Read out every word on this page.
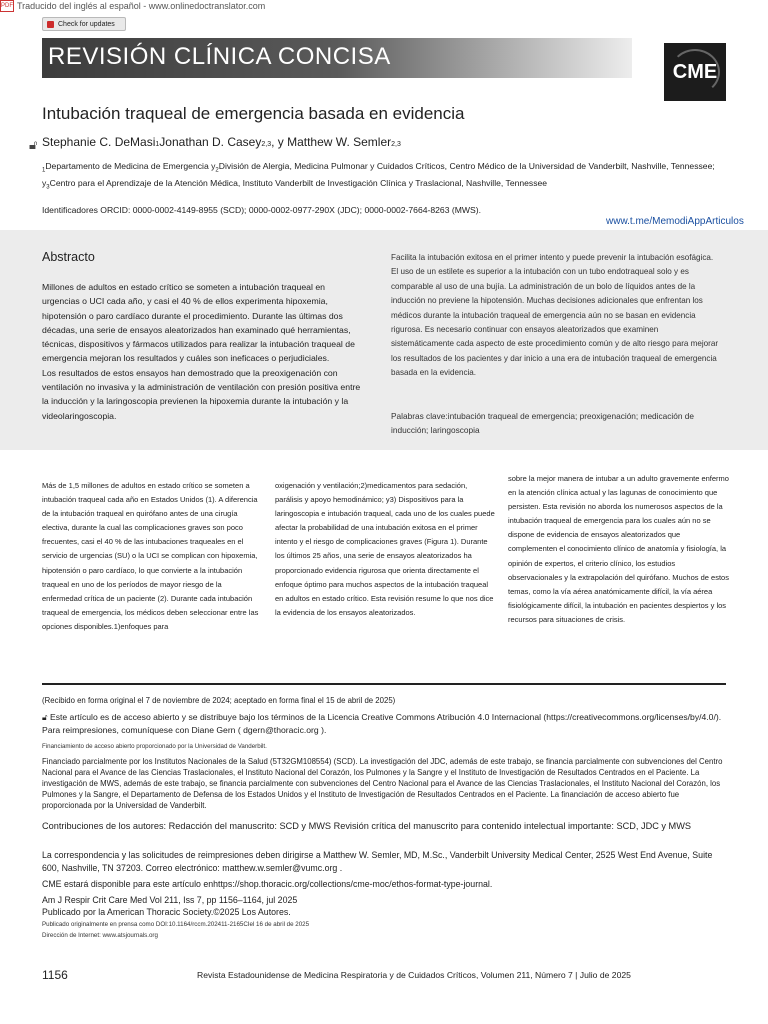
PDF Traducido del inglés al español - www.onlinedoctranslator.com
Check for updates
REVISIÓN CLÍNICA CONCISA
CME
Intubación traqueal de emergencia basada en evidencia
🔓︎ Stephanie C. DeMasi$_1$ Jonathan D. Casey$_{2,3}$ , y Matthew W. Semler$_{2,3}$
$_1$Departamento de Medicina de Emergencia $y_2División$ de Alergia, Medicina Pulmonar y Cuidados Críticos, Centro Médico de la Universidad de Vanderbilt, Nashville, Tennessee; $y_3Centro$ para el Aprendizaje de la Atención Médica, Instituto Vanderbilt de Investigación Clínica y Traslacional, Nashville, Tennessee
Identificadores ORCID: 0000-0002-4149-8955 (SCD); 0000-0002-0977-290X (JDC); 0000-0002-7664-8263 (MWS).
www.t.me/MemodiAppArticulos
Abstracto
Millones de adultos en estado crítico se someten a intubación traqueal en urgencias o UCI cada año, y casi el 40 % de ellos experimenta hipoxemia, hipotensión o paro cardíaco durante el procedimiento. Durante las últimas dos décadas, una serie de ensayos aleatorizados han examinado qué herramientas, técnicas, dispositivos y fármacos utilizados para realizar la intubación traqueal de emergencia mejoran los resultados y cuáles son ineficaces o perjudiciales.
Los resultados de estos ensayos han demostrado que la preoxigenación con ventilación no invasiva y la administración de ventilación con presión positiva entre la inducción y la laringoscopia previenen la hipoxemia durante la intubación y la videolaringoscopia.
Facilita la intubación exitosa en el primer intento y puede prevenir la intubación esofágica. El uso de un estilete es superior a la intubación con un tubo endotraqueal solo y es comparable al uso de una bujía. La administración de un bolo de líquidos antes de la inducción no previene la hipotensión. Muchas decisiones adicionales que enfrentan los médicos durante la intubación traqueal de emergencia aún no se basan en evidencia rigurosa. Es necesario continuar con ensayos aleatorizados que examinen sistemáticamente cada aspecto de este procedimiento común y de alto riesgo para mejorar los resultados de los pacientes y dar inicio a una era de intubación traqueal de emergencia basada en la evidencia.
Palabras clave:intubación traqueal de emergencia; preoxigenación; medicación de inducción; laringoscopia
Más de 1,5 millones de adultos en estado crítico se someten a intubación traqueal cada año en Estados Unidos (1). A diferencia de la intubación traqueal en quirófano antes de una cirugía electiva, durante la cual las complicaciones graves son poco frecuentes, casi el 40 % de las intubaciones traqueales en el servicio de urgencias (SU) o la UCI se complican con hipoxemia, hipotensión o paro cardíaco, lo que convierte a la intubación traqueal en uno de los períodos de mayor riesgo de la enfermedad crítica de un paciente (2). Durante cada intubación traqueal de emergencia, los médicos deben seleccionar entre las opciones disponibles.1)enfoques para
oxigenación y ventilación;2)medicamentos para sedación, parálisis y apoyo hemodinámico; y3) Dispositivos para la laringoscopia e intubación traqueal, cada uno de los cuales puede afectar la probabilidad de una intubación exitosa en el primer intento y el riesgo de complicaciones graves (Figura 1). Durante los últimos 25 años, una serie de ensayos aleatorizados ha proporcionado evidencia rigurosa que orienta directamente el enfoque óptimo para muchos aspectos de la intubación traqueal en adultos en estado crítico. Esta revisión resume lo que nos dice la evidencia de los ensayos aleatorizados.
sobre la mejor manera de intubar a un adulto gravemente enfermo en la atención clínica actual y las lagunas de conocimiento que persisten. Esta revisión no aborda los numerosos aspectos de la intubación traqueal de emergencia para los cuales aún no se dispone de evidencia de ensayos aleatorizados que complementen el conocimiento clínico de anatomía y fisiología, la opinión de expertos, el criterio clínico, los estudios observacionales y la extrapolación del quirófano. Muchos de estos temas, como la vía aérea anatómicamente difícil, la vía aérea fisiológicamente difícil, la intubación en pacientes despiertos y los recursos para situaciones de crisis.
(Recibido en forma original el 7 de noviembre de 2024; aceptado en forma final el 15 de abril de 2025)
🔓︎ Este artículo es de acceso abierto y se distribuye bajo los términos de la Licencia Creative Commons Atribución 4.0 Internacional (https://creativecommons.org/licenses/by/4.0/). Para reimpresiones, comuníquese con Diane Gern ( dgern@thoracic.org ).
Financiamiento de acceso abierto proporcionado por la Universidad de Vanderbilt.
Financiado parcialmente por los Institutos Nacionales de la Salud (5T32GM108554) (SCD). La investigación del JDC, además de este trabajo, se financia parcialmente con subvenciones del Centro Nacional para el Avance de las Ciencias Traslacionales, el Instituto Nacional del Corazón, los Pulmones y la Sangre y el Instituto de Investigación de Resultados Centrados en el Paciente. La investigación de MWS, además de este trabajo, se financia parcialmente con subvenciones del Centro Nacional para el Avance de las Ciencias Traslacionales, el Instituto Nacional del Corazón, los Pulmones y la Sangre, el Departamento de Defensa de los Estados Unidos y el Instituto de Investigación de Resultados Centrados en el Paciente. La financiación de acceso abierto fue proporcionada por la Universidad de Vanderbilt.
Contribuciones de los autores: Redacción del manuscrito: SCD y MWS Revisión crítica del manuscrito para contenido intelectual importante: SCD, JDC y MWS
La correspondencia y las solicitudes de reimpresiones deben dirigirse a Matthew W. Semler, MD, M.Sc., Vanderbilt University Medical Center, 2525 West End Avenue, Suite 600, Nashville, TN 37203. Correo electrónico: matthew.w.semler@vumc.org .
CME estará disponible para este artículo enhttps://shop.thoracic.org/collections/cme-moc/ethos-format-type-journal.
Am J Respir Crit Care Med Vol 211, Iss 7, pp 1156–1164, jul 2025
Publicado por la American Thoracic Society.©2025 Los Autores.
Publicado originalmente en prensa como DOI:10.1164/rccm.202411-2165CIel 16 de abril de 2025
Dirección de Internet: www.atsjournals.org
1156	Revista Estadounidense de Medicina Respiratoria y de Cuidados Críticos, Volumen 211, Número 7 | Julio de 2025
